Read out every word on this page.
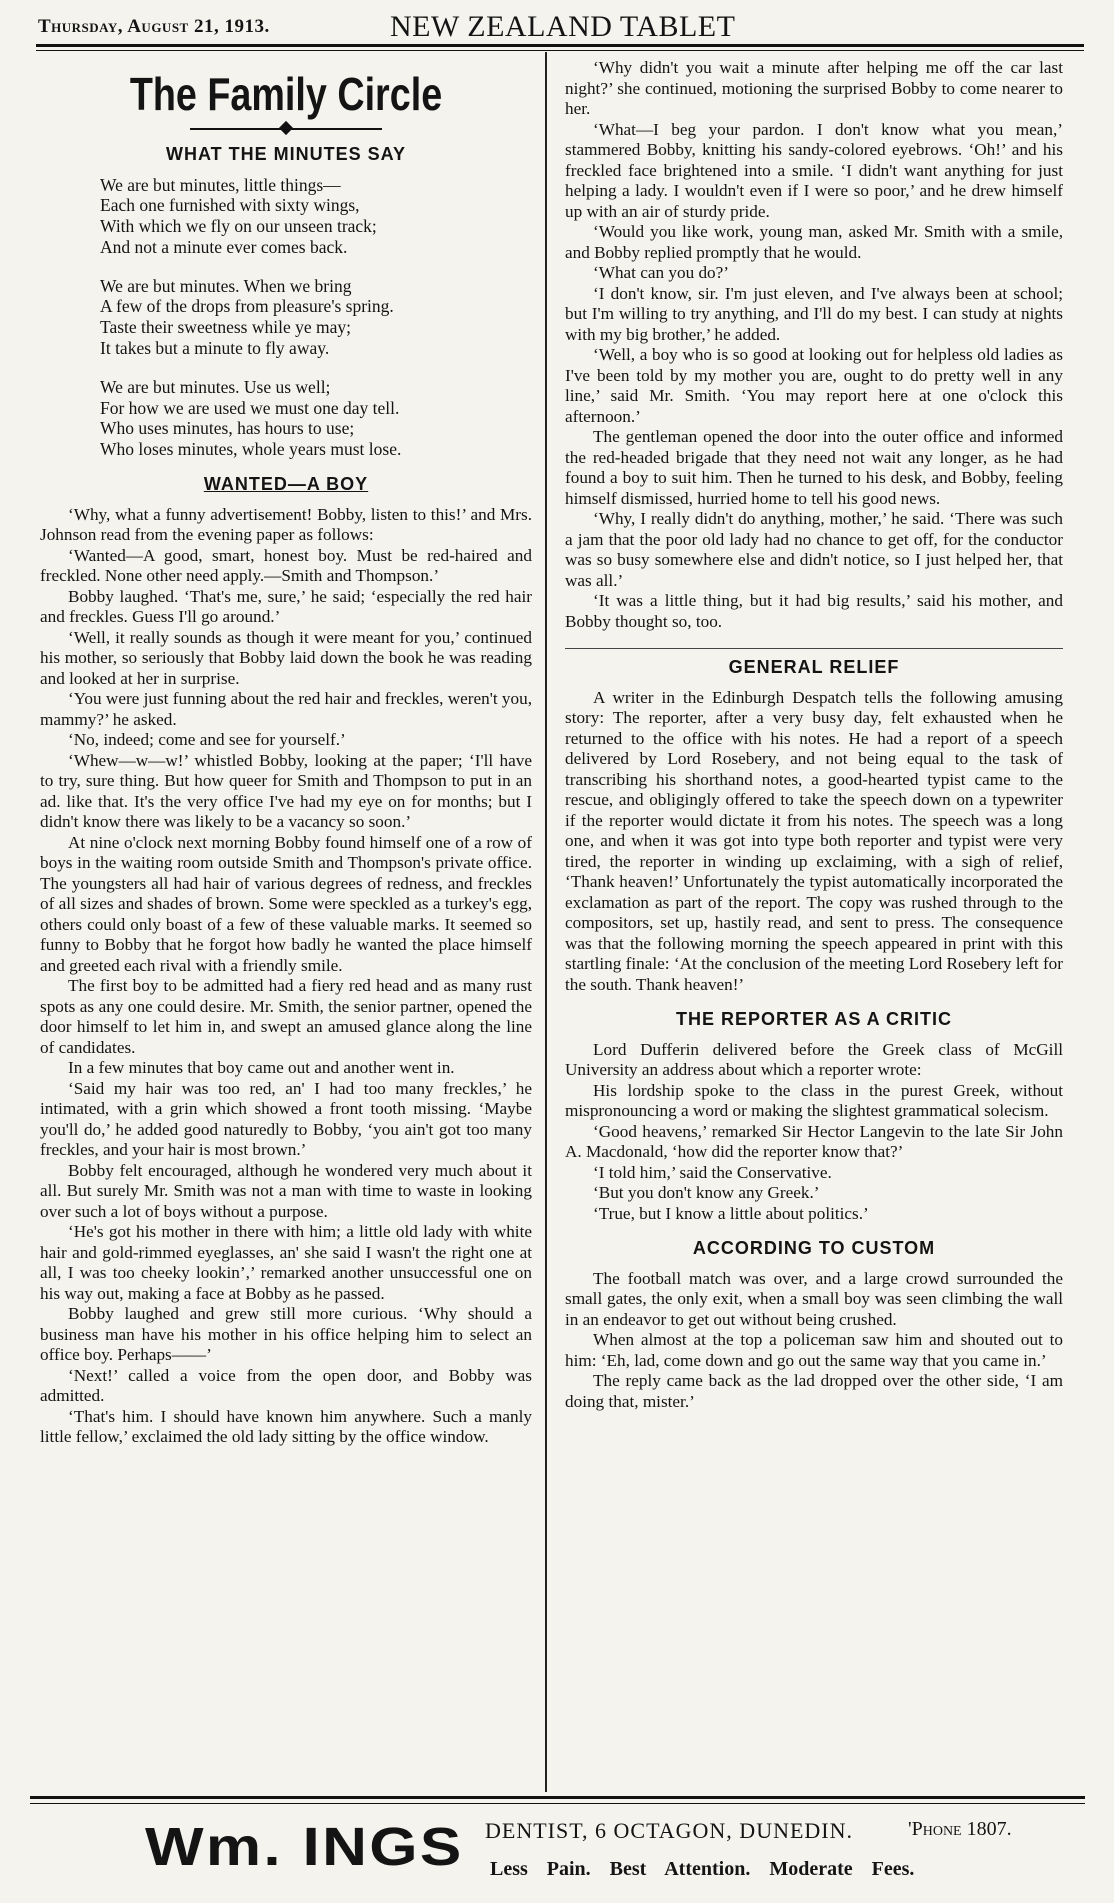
Thursday, August 21, 1913.	NEW ZEALAND TABLET
The Family Circle
WHAT THE MINUTES SAY
We are but minutes, little things—
Each one furnished with sixty wings,
With which we fly on our unseen track;
And not a minute ever comes back.
We are but minutes. When we bring
A few of the drops from pleasure's spring.
Taste their sweetness while ye may;
It takes but a minute to fly away.
We are but minutes. Use us well;
For how we are used we must one day tell.
Who uses minutes, has hours to use;
Who loses minutes, whole years must lose.
WANTED—A BOY

‘Why, what a funny advertisement! Bobby, listen to this!’ and Mrs. Johnson read from the evening paper as follows:

‘Wanted—A good, smart, honest boy. Must be red-haired and freckled. None other need apply.—Smith and Thompson.’

Bobby laughed. ‘That's me, sure,’ he said; ‘especially the red hair and freckles. Guess I'll go around.’

‘Well, it really sounds as though it were meant for you,’ continued his mother, so seriously that Bobby laid down the book he was reading and looked at her in surprise.

‘You were just funning about the red hair and freckles, weren't you, mammy?’ he asked.

‘No, indeed; come and see for yourself.’

‘Whew—w—w!’ whistled Bobby, looking at the paper; ‘I'll have to try, sure thing. But how queer for Smith and Thompson to put in an ad. like that. It's the very office I've had my eye on for months; but I didn't know there was likely to be a vacancy so soon.’

At nine o'clock next morning Bobby found himself one of a row of boys in the waiting room outside Smith and Thompson's private office. The youngsters all had hair of various degrees of redness, and freckles of all sizes and shades of brown. Some were speckled as a turkey's egg, others could only boast of a few of these valuable marks. It seemed so funny to Bobby that he forgot how badly he wanted the place himself and greeted each rival with a friendly smile.

The first boy to be admitted had a fiery red head and as many rust spots as any one could desire. Mr. Smith, the senior partner, opened the door himself to let him in, and swept an amused glance along the line of candidates.

In a few minutes that boy came out and another went in.

‘Said my hair was too red, an' I had too many freckles,’ he intimated, with a grin which showed a front tooth missing. ‘Maybe you'll do,’ he added good naturedly to Bobby, ‘you ain't got too many freckles, and your hair is most brown.’

Bobby felt encouraged, although he wondered very much about it all. But surely Mr. Smith was not a man with time to waste in looking over such a lot of boys without a purpose.

‘He's got his mother in there with him; a little old lady with white hair and gold-rimmed eyeglasses, an' she said I wasn't the right one at all, I was too cheeky lookin’,’ remarked another unsuccessful one on his way out, making a face at Bobby as he passed.

Bobby laughed and grew still more curious. ‘Why should a business man have his mother in his office helping him to select an office boy. Perhaps——’

‘Next!’ called a voice from the open door, and Bobby was admitted.

‘That's him. I should have known him anywhere. Such a manly little fellow,’ exclaimed the old lady sitting by the office window.

‘Why didn't you wait a minute after helping me off the car last night?’ she continued, motioning the surprised Bobby to come nearer to her.

‘What—I beg your pardon. I don't know what you mean,’ stammered Bobby, knitting his sandy-colored eyebrows. ‘Oh!’ and his freckled face brightened into a smile. ‘I didn't want anything for just helping a lady. I wouldn't even if I were so poor,’ and he drew himself up with an air of sturdy pride.

‘Would you like work, young man, asked Mr. Smith with a smile, and Bobby replied promptly that he would.

‘What can you do?’

‘I don't know, sir. I'm just eleven, and I've always been at school; but I'm willing to try anything, and I'll do my best. I can study at nights with my big brother,’ he added.

‘Well, a boy who is so good at looking out for helpless old ladies as I've been told by my mother you are, ought to do pretty well in any line,’ said Mr. Smith. ‘You may report here at one o'clock this afternoon.’

The gentleman opened the door into the outer office and informed the red-headed brigade that they need not wait any longer, as he had found a boy to suit him. Then he turned to his desk, and Bobby, feeling himself dismissed, hurried home to tell his good news.

‘Why, I really didn't do anything, mother,’ he said. ‘There was such a jam that the poor old lady had no chance to get off, for the conductor was so busy somewhere else and didn't notice, so I just helped her, that was all.’

‘It was a little thing, but it had big results,’ said his mother, and Bobby thought so, too.

GENERAL RELIEF

A writer in the Edinburgh Despatch tells the following amusing story: The reporter, after a very busy day, felt exhausted when he returned to the office with his notes. He had a report of a speech delivered by Lord Rosebery, and not being equal to the task of transcribing his shorthand notes, a good-hearted typist came to the rescue, and obligingly offered to take the speech down on a typewriter if the reporter would dictate it from his notes. The speech was a long one, and when it was got into type both reporter and typist were very tired, the reporter in winding up exclaiming, with a sigh of relief, ‘Thank heaven!’ Unfortunately the typist automatically incorporated the exclamation as part of the report. The copy was rushed through to the compositors, set up, hastily read, and sent to press. The consequence was that the following morning the speech appeared in print with this startling finale: ‘At the conclusion of the meeting Lord Rosebery left for the south. Thank heaven!’

THE REPORTER AS A CRITIC

Lord Dufferin delivered before the Greek class of McGill University an address about which a reporter wrote:

His lordship spoke to the class in the purest Greek, without mispronouncing a word or making the slightest grammatical solecism.

‘Good heavens,’ remarked Sir Hector Langevin to the late Sir John A. Macdonald, ‘how did the reporter know that?’

‘I told him,’ said the Conservative.

‘But you don't know any Greek.’

‘True, but I know a little about politics.’

ACCORDING TO CUSTOM

The football match was over, and a large crowd surrounded the small gates, the only exit, when a small boy was seen climbing the wall in an endeavor to get out without being crushed.

When almost at the top a policeman saw him and shouted out to him: ‘Eh, lad, come down and go out the same way that you came in.’

The reply came back as the lad dropped over the other side, ‘I am doing that, mister.’

Wm. INGS DENTIST, 6 OCTAGON, DUNEDIN.	'Phone 1807.
Less Pain. Best Attention. Moderate Fees.
